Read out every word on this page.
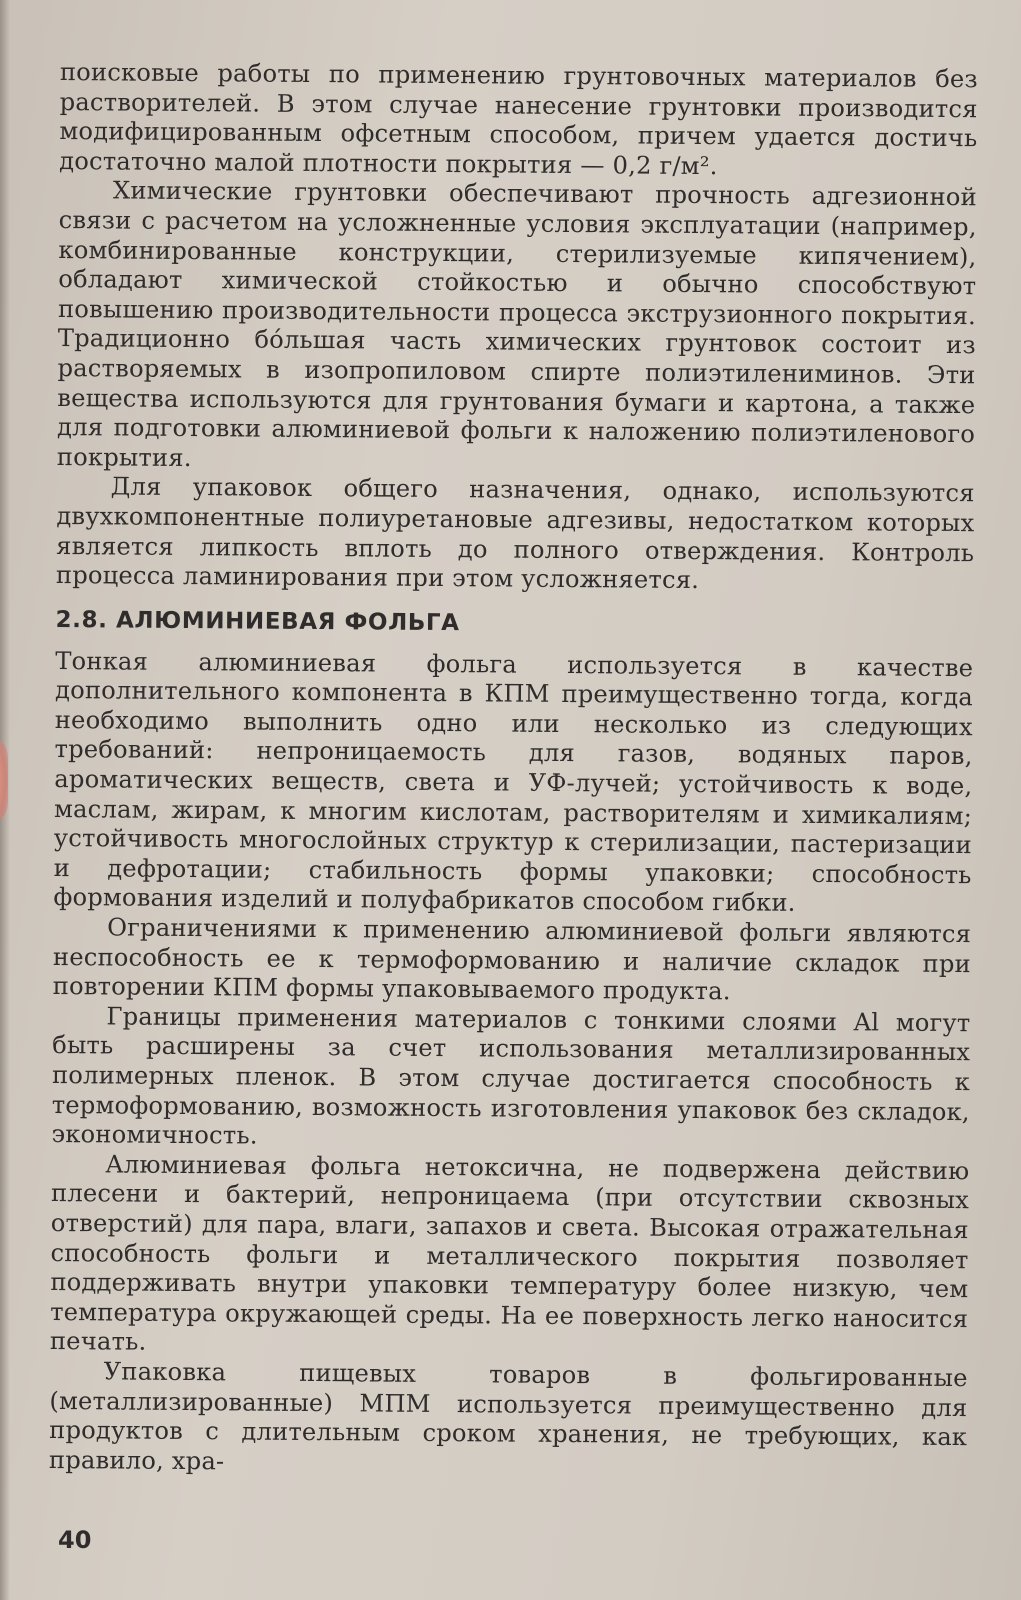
поисковые работы по применению грунтовочных материалов без растворителей. В этом случае нанесение грунтовки производится модифицированным офсетным способом, причем удается достичь достаточно малой плотности покрытия — 0,2 г/м².

Химические грунтовки обеспечивают прочность адгезионной связи с расчетом на усложненные условия эксплуатации (например, комбинированные конструкции, стерилизуемые кипячением), обладают химической стойкостью и обычно способствуют повышению производительности процесса экструзионного покрытия. Традиционно бóльшая часть химических грунтовок состоит из растворяемых в изопропиловом спирте полиэтилениминов. Эти вещества используются для грунтования бумаги и картона, а также для подготовки алюминиевой фольги к наложению полиэтиленового покрытия.

Для упаковок общего назначения, однако, используются двухкомпонентные полиуретановые адгезивы, недостатком которых является липкость вплоть до полного отверждения. Контроль процесса ламинирования при этом усложняется.

2.8. АЛЮМИНИЕВАЯ ФОЛЬГА

Тонкая алюминиевая фольга используется в качестве дополнительного компонента в КПМ преимущественно тогда, когда необходимо выполнить одно или несколько из следующих требований: непроницаемость для газов, водяных паров, ароматических веществ, света и УФ-лучей; устойчивость к воде, маслам, жирам, к многим кислотам, растворителям и химикалиям; устойчивость многослойных структур к стерилизации, пастеризации и дефротации; стабильность формы упаковки; способность формования изделий и полуфабрикатов способом гибки.

Ограничениями к применению алюминиевой фольги являются неспособность ее к термоформованию и наличие складок при повторении КПМ формы упаковываемого продукта.

Границы применения материалов с тонкими слоями Al могут быть расширены за счет использования металлизированных полимерных пленок. В этом случае достигается способность к термоформованию, возможность изготовления упаковок без складок, экономичность.

Алюминиевая фольга нетоксична, не подвержена действию плесени и бактерий, непроницаема (при отсутствии сквозных отверстий) для пара, влаги, запахов и света. Высокая отражательная способность фольги и металлического покрытия позволяет поддерживать внутри упаковки температуру более низкую, чем температура окружающей среды. На ее поверхность легко наносится печать.

Упаковка пищевых товаров в фольгированные (металлизированные) МПМ используется преимущественно для продуктов с длительным сроком хранения, не требующих, как правило, хра-

40
